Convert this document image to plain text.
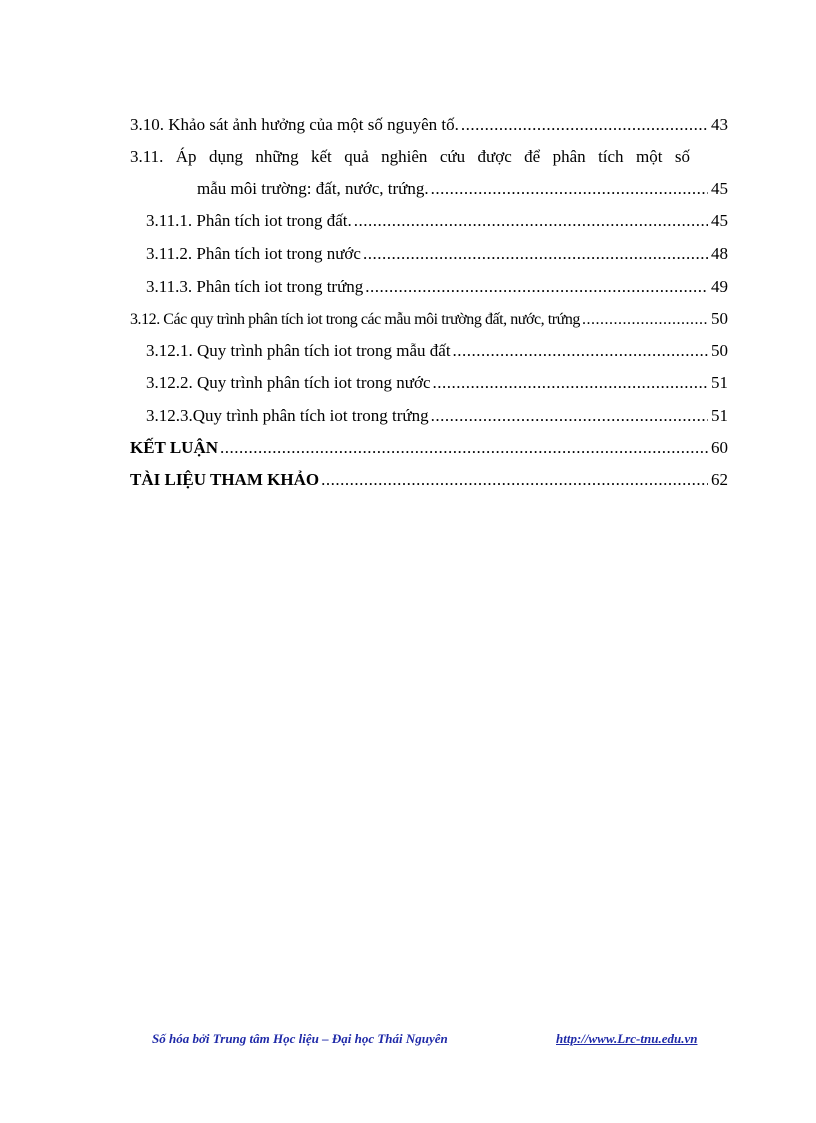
3.10. Khảo sát ảnh hưởng của một số nguyên tố. .....	43
3.11. Áp dụng những kết quả nghiên cứu được để phân tích một số
mẫu môi trường: đất, nước, trứng. .....	45
3.11.1. Phân tích iot trong đất. .....	45
3.11.2. Phân tích iot trong nước .....	48
3.11.3. Phân tích iot trong trứng .....	49
3.12. Các quy trình phân tích iot trong các mẫu môi trường đất, nước, trứng .....	50
3.12.1. Quy trình phân tích iot trong mẫu đất .....	50
3.12.2. Quy trình phân tích iot trong nước .....	51
3.12.3.Quy trình phân tích iot trong trứng .....	51
KẾT LUẬN .....	60
TÀI LIỆU THAM KHẢO .....	62
Số hóa bởi Trung tâm Học liệu – Đại học Thái Nguyên	http://www.Lrc-tnu.edu.vn
